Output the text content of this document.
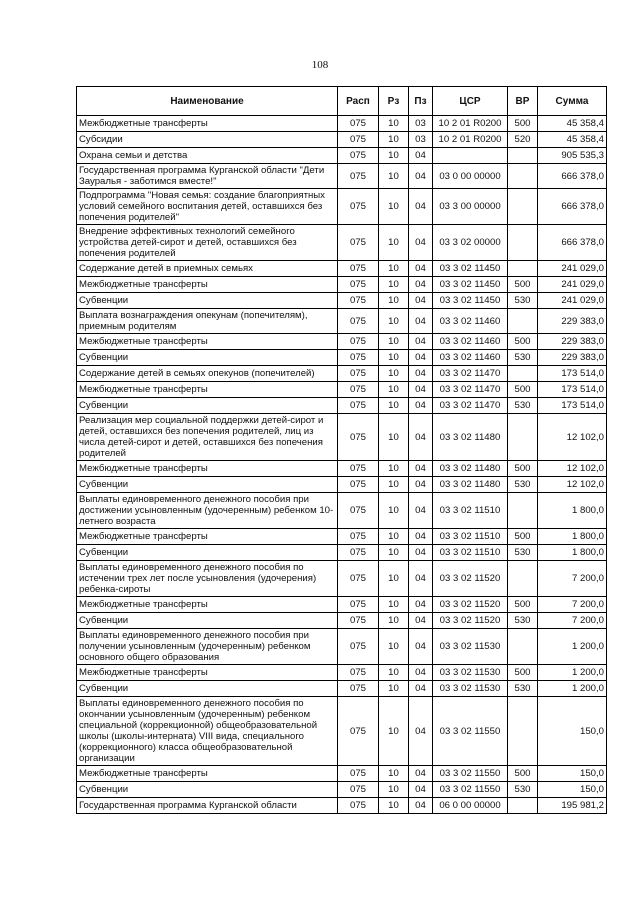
108
Наименование	Расп	Рз	Пз	ЦСР	ВР	Сумма
Межбюджетные трансферты	075	10	03	10 2 01 R0200	500	45 358,4
Субсидии	075	10	03	10 2 01 R0200	520	45 358,4
Охрана семьи и детства	075	10	04			905 535,3
Государственная программа Курганской области "Дети Зауралья - заботимся вместе!"	075	10	04	03 0 00 00000		666 378,0
Подпрограмма "Новая семья: создание благоприятных условий семейного воспитания детей, оставшихся без попечения родителей"	075	10	04	03 3 00 00000		666 378,0
Внедрение эффективных технологий семейного устройства детей-сирот и детей, оставшихся без попечения родителей	075	10	04	03 3 02 00000		666 378,0
Содержание детей в приемных семьях	075	10	04	03 3 02 11450		241 029,0
Межбюджетные трансферты	075	10	04	03 3 02 11450	500	241 029,0
Субвенции	075	10	04	03 3 02 11450	530	241 029,0
Выплата вознаграждения опекунам (попечителям), приемным родителям	075	10	04	03 3 02 11460		229 383,0
Межбюджетные трансферты	075	10	04	03 3 02 11460	500	229 383,0
Субвенции	075	10	04	03 3 02 11460	530	229 383,0
Содержание детей в семьях опекунов (попечителей)	075	10	04	03 3 02 11470		173 514,0
Межбюджетные трансферты	075	10	04	03 3 02 11470	500	173 514,0
Субвенции	075	10	04	03 3 02 11470	530	173 514,0
Реализация мер социальной поддержки детей-сирот и детей, оставшихся без попечения родителей, лиц из числа детей-сирот и детей, оставшихся без попечения родителей	075	10	04	03 3 02 11480		12 102,0
Межбюджетные трансферты	075	10	04	03 3 02 11480	500	12 102,0
Субвенции	075	10	04	03 3 02 11480	530	12 102,0
Выплаты единовременного денежного пособия при достижении усыновленным (удочеренным) ребенком 10-летнего возраста	075	10	04	03 3 02 11510		1 800,0
Межбюджетные трансферты	075	10	04	03 3 02 11510	500	1 800,0
Субвенции	075	10	04	03 3 02 11510	530	1 800,0
Выплаты единовременного денежного пособия по истечении трех лет после усыновления (удочерения) ребенка-сироты	075	10	04	03 3 02 11520		7 200,0
Межбюджетные трансферты	075	10	04	03 3 02 11520	500	7 200,0
Субвенции	075	10	04	03 3 02 11520	530	7 200,0
Выплаты единовременного денежного пособия при получении усыновленным (удочеренным) ребенком основного общего образования	075	10	04	03 3 02 11530		1 200,0
Межбюджетные трансферты	075	10	04	03 3 02 11530	500	1 200,0
Субвенции	075	10	04	03 3 02 11530	530	1 200,0
Выплаты единовременного денежного пособия по окончании усыновленным (удочеренным) ребенком специальной (коррекционной) общеобразовательной школы (школы-интерната) VIII вида, специального (коррекционного) класса общеобразовательной организации	075	10	04	03 3 02 11550		150,0
Межбюджетные трансферты	075	10	04	03 3 02 11550	500	150,0
Субвенции	075	10	04	03 3 02 11550	530	150,0
Государственная программа Курганской области	075	10	04	06 0 00 00000		195 981,2
